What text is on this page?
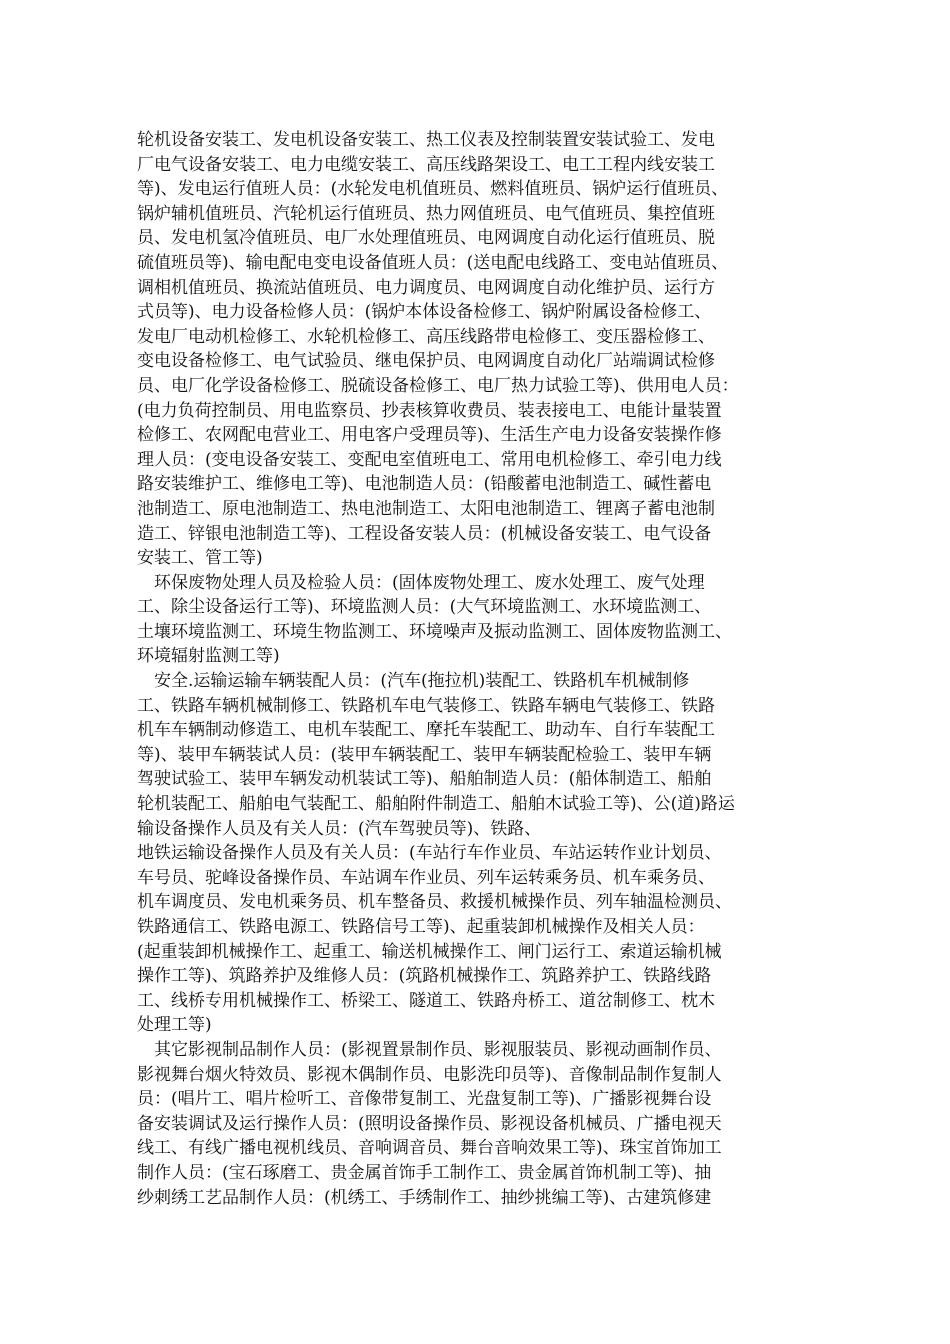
轮机设备安装工、发电机设备安装工、热工仪表及控制装置安装试验工、发电
厂电气设备安装工、电力电缆安装工、高压线路架设工、电工工程内线安装工
等)、发电运行值班人员：(水轮发电机值班员、燃料值班员、锅炉运行值班员、
锅炉辅机值班员、汽轮机运行值班员、热力网值班员、电气值班员、集控值班
员、发电机氢冷值班员、电厂水处理值班员、电网调度自动化运行值班员、脱
硫值班员等)、输电配电变电设备值班人员：(送电配电线路工、变电站值班员、
调相机值班员、换流站值班员、电力调度员、电网调度自动化维护员、运行方
式员等)、电力设备检修人员：(锅炉本体设备检修工、锅炉附属设备检修工、
发电厂电动机检修工、水轮机检修工、高压线路带电检修工、变压器检修工、
变电设备检修工、电气试验员、继电保护员、电网调度自动化厂站端调试检修
员、电厂化学设备检修工、脱硫设备检修工、电厂热力试验工等)、供用电人员：
(电力负荷控制员、用电监察员、抄表核算收费员、装表接电工、电能计量装置
检修工、农网配电营业工、用电客户受理员等)、生活生产电力设备安装操作修
理人员：(变电设备安装工、变配电室值班电工、常用电机检修工、牵引电力线
路安装维护工、维修电工等)、电池制造人员：(铅酸蓄电池制造工、碱性蓄电
池制造工、原电池制造工、热电池制造工、太阳电池制造工、锂离子蓄电池制
造工、锌银电池制造工等)、工程设备安装人员：(机械设备安装工、电气设备
安装工、管工等)
环保废物处理人员及检验人员：(固体废物处理工、废水处理工、废气处理
工、除尘设备运行工等)、环境监测人员：(大气环境监测工、水环境监测工、
土壤环境监测工、环境生物监测工、环境噪声及振动监测工、固体废物监测工、
环境辐射监测工等)
安全.运输运输车辆装配人员：(汽车(拖拉机)装配工、铁路机车机械制修
工、铁路车辆机械制修工、铁路机车电气装修工、铁路车辆电气装修工、铁路
机车车辆制动修造工、电机车装配工、摩托车装配工、助动车、自行车装配工
等)、装甲车辆装试人员：(装甲车辆装配工、装甲车辆装配检验工、装甲车辆
驾驶试验工、装甲车辆发动机装试工等)、船舶制造人员：(船体制造工、船舶
轮机装配工、船舶电气装配工、船舶附件制造工、船舶木试验工等)、公(道)路运
输设备操作人员及有关人员：(汽车驾驶员等)、铁路、
地铁运输设备操作人员及有关人员：(车站行车作业员、车站运转作业计划员、
车号员、驼峰设备操作员、车站调车作业员、列车运转乘务员、机车乘务员、
机车调度员、发电机乘务员、机车整备员、救援机械操作员、列车轴温检测员、
铁路通信工、铁路电源工、铁路信号工等)、起重装卸机械操作及相关人员：
(起重装卸机械操作工、起重工、输送机械操作工、闸门运行工、索道运输机械
操作工等)、筑路养护及维修人员：(筑路机械操作工、筑路养护工、铁路线路
工、线桥专用机械操作工、桥梁工、隧道工、铁路舟桥工、道岔制修工、枕木
处理工等)
其它影视制品制作人员：(影视置景制作员、影视服装员、影视动画制作员、
影视舞台烟火特效员、影视木偶制作员、电影洗印员等)、音像制品制作复制人
员：(唱片工、唱片检听工、音像带复制工、光盘复制工等)、广播影视舞台设
备安装调试及运行操作人员：(照明设备操作员、影视设备机械员、广播电视天
线工、有线广播电视机线员、音响调音员、舞台音响效果工等)、珠宝首饰加工
制作人员：(宝石琢磨工、贵金属首饰手工制作工、贵金属首饰机制工等)、抽
纱刺绣工艺品制作人员：(机绣工、手绣制作工、抽纱挑编工等)、古建筑修建
